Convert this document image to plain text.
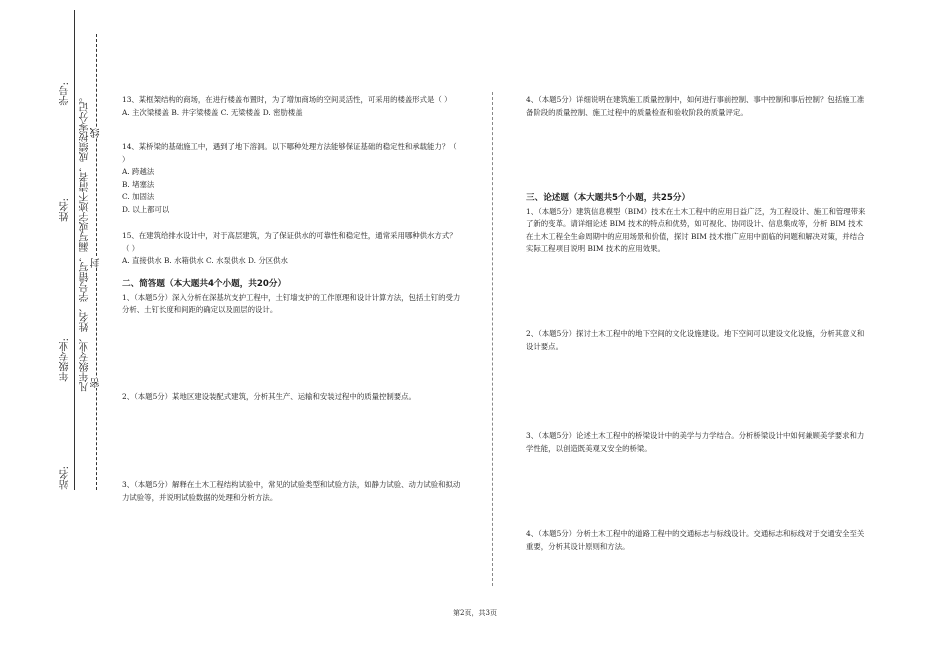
学号:
姓名:
年级专业:
站名:
凡年级专业、姓名、学号错写，漏写或字迹不清者，成绩按零分记。 线
封
密

13、某框架结构的商场，在进行楼盖布置时，为了增加商场的空间灵活性，可采用的楼盖形式是（ ）

A. 主次梁楼盖 B. 井字梁楼盖 C. 无梁楼盖 D. 密肋楼盖

14、某桥梁的基础施工中，遇到了地下溶洞。以下哪种处理方法能够保证基础的稳定性和承载能力？（ ）

A. 跨越法

B. 堵塞法

C. 加固法

D. 以上都可以

15、在建筑给排水设计中，对于高层建筑，为了保证供水的可靠性和稳定性，通常采用哪种供水方式？（ ）

A. 直接供水 B. 水箱供水 C. 水泵供水 D. 分区供水

二、简答题（本大题共4个小题，共20分）

1、（本题5分）深入分析在深基坑支护工程中，土钉墙支护的工作原理和设计计算方法，包括土钉的受力分析、土钉长度和间距的确定以及面层的设计。

2、（本题5分）某地区建设装配式建筑，分析其生产、运输和安装过程中的质量控制要点。

3、（本题5分）解释在土木工程结构试验中，常见的试验类型和试验方法，如静力试验、动力试验和拟动力试验等，并说明试验数据的处理和分析方法。

4、（本题5分）详细说明在建筑施工质量控制中，如何进行事前控制、事中控制和事后控制？包括施工准备阶段的质量控制、施工过程中的质量检查和验收阶段的质量评定。

三、论述题（本大题共5个小题，共25分）

1、（本题5分）建筑信息模型（BIM）技术在土木工程中的应用日益广泛，为工程设计、施工和管理带来了新的变革。请详细论述 BIM 技术的特点和优势，如可视化、协同设计、信息集成等，分析 BIM 技术在土木工程全生命周期中的应用场景和价值，探讨 BIM 技术推广应用中面临的问题和解决对策，并结合实际工程项目说明 BIM 技术的应用效果。

2、（本题5分）探讨土木工程中的地下空间的文化设施建设。地下空间可以建设文化设施，分析其意义和设计要点。

3、（本题5分）论述土木工程中的桥梁设计中的美学与力学结合。分析桥梁设计中如何兼顾美学要求和力学性能，以创造既美观又安全的桥梁。

4、（本题5分）分析土木工程中的道路工程中的交通标志与标线设计。交通标志和标线对于交通安全至关重要，分析其设计原则和方法。

第2页，共3页
